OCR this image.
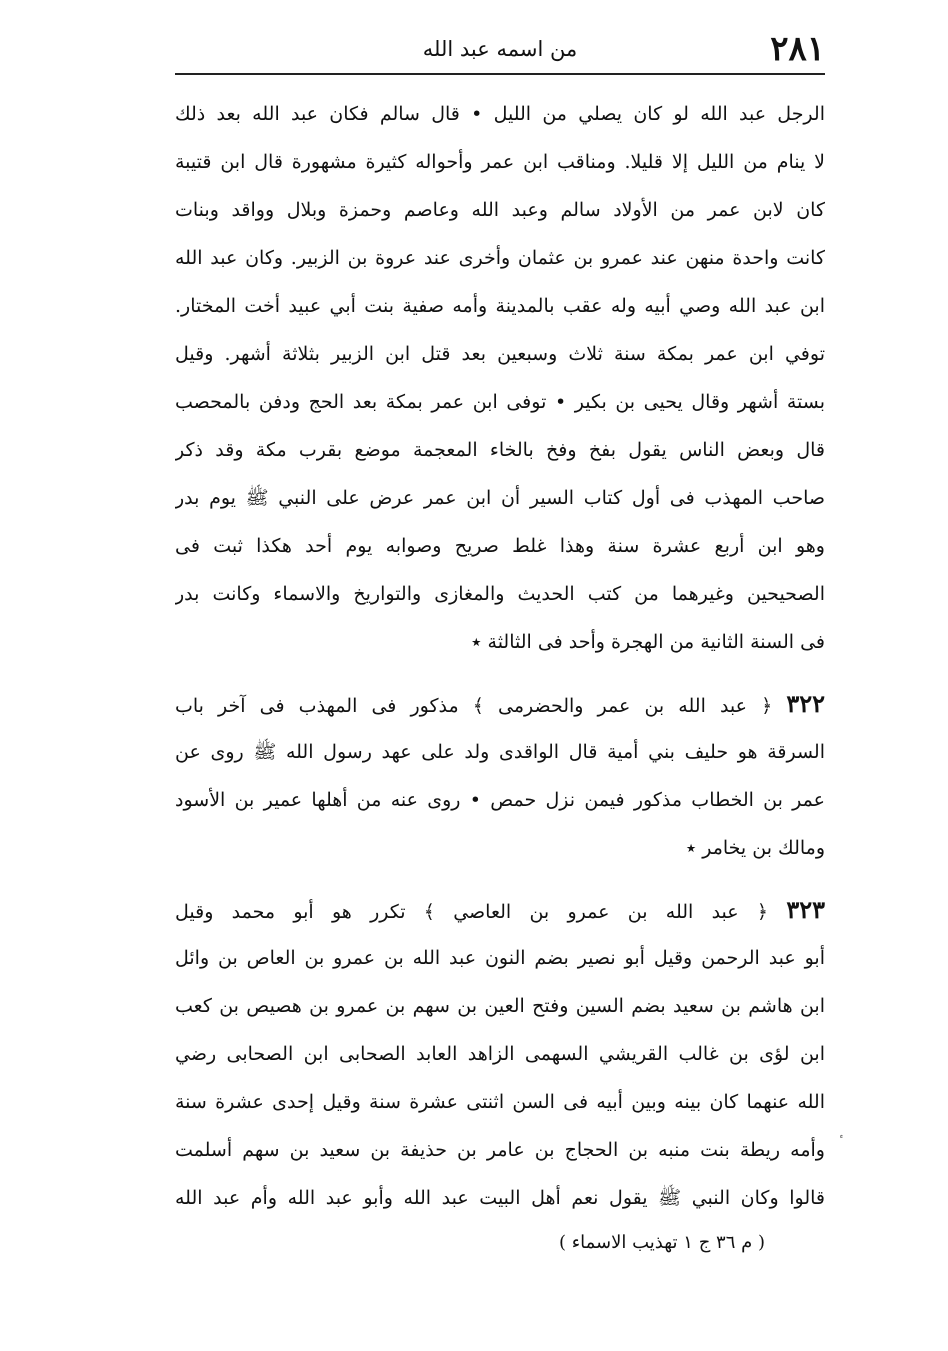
٢٨١
من اسمه عبد الله
الرجل عبد الله لو كان يصلي من الليل • قال سالم فكان عبد الله بعد ذلك
لا ينام من الليل إلا قليلا. ومناقب ابن عمر وأحواله كثيرة مشهورة قال ابن قتيبة
كان لابن عمر من الأولاد سالم وعبد الله وعاصم وحمزة وبلال وواقد وبنات
كانت واحدة منهن عند عمرو بن عثمان وأخرى عند عروة بن الزبير. وكان عبد الله
ابن عبد الله وصي أبيه وله عقب بالمدينة وأمه صفية بنت أبي عبيد أخت المختار.
توفي ابن عمر بمكة سنة ثلاث وسبعين بعد قتل ابن الزبير بثلاثة أشهر. وقيل
بستة أشهر وقال يحيى بن بكير • توفى ابن عمر بمكة بعد الحج ودفن بالمحصب
قال وبعض الناس يقول بفخ وفخ بالخاء المعجمة موضع بقرب مكة وقد ذكر
صاحب المهذب فى أول كتاب السير أن ابن عمر عرض على النبي ﷺ يوم بدر
وهو ابن أربع عشرة سنة وهذا غلط صريح وصوابه يوم أحد هكذا ثبت فى
الصحيحين وغيرهما من كتب الحديث والمغازى والتواريخ والاسماء وكانت بدر
فى السنة الثانية من الهجرة وأحد فى الثالثة ٭
٣٢٢ ﴿ عبد الله بن عمر والحضرمى ﴾ مذكور فى المهذب فى آخر باب
السرقة هو حليف بني أمية قال الواقدى ولد على عهد رسول الله ﷺ روى عن
عمر بن الخطاب مذكور فيمن نزل حمص • روى عنه من أهلها عمير بن الأسود
ومالك بن يخامر ٭
٣٢٣ ﴿ عبد الله بن عمرو بن العاصي ﴾ تكرر هو أبو محمد وقيل
أبو عبد الرحمن وقيل أبو نصير بضم النون عبد الله بن عمرو بن العاص بن وائل
ابن هاشم بن سعيد بضم السين وفتح العين بن سهم بن عمرو بن هصيص بن كعب
ابن لؤى بن غالب القريشي السهمى الزاهد العابد الصحابى ابن الصحابى رضي
الله عنهما كان بينه وبين أبيه فى السن اثنتى عشرة سنة وقيل إحدى عشرة سنة
وأمه ريطة بنت منبه بن الحجاج بن عامر بن حذيفة بن سعيد بن سهم أسلمت
قالوا وكان النبي ﷺ يقول نعم أهل البيت عبد الله وأبو عبد الله وأم عبد الله
( م ٣٦ ج ١ تهذيب الاسماء )
